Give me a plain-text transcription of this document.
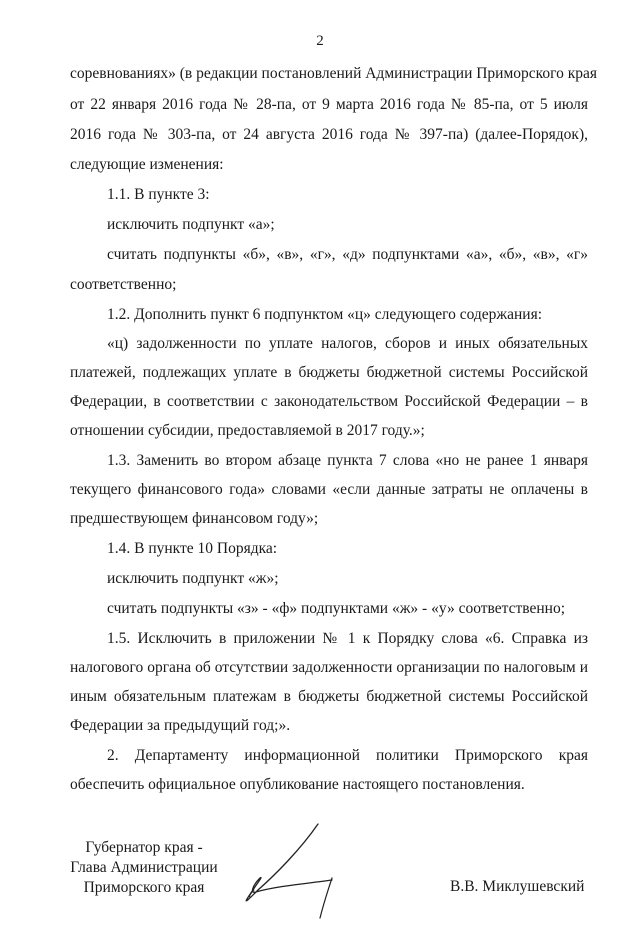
2
соревнованиях» (в редакции постановлений Администрации Приморского края
от 22 января 2016 года № 28-па, от 9 марта 2016 года № 85-па, от 5 июля
2016 года № 303-па, от 24 августа 2016 года № 397-па) (далее-Порядок),
следующие изменения:
1.1. В пункте 3:
исключить подпункт «а»;
считать подпункты «б», «в», «г», «д» подпунктами «а», «б», «в», «г»
соответственно;
1.2. Дополнить пункт 6 подпунктом «ц» следующего содержания:
«ц) задолженности по уплате налогов, сборов и иных обязательных
платежей, подлежащих уплате в бюджеты бюджетной системы Российской
Федерации, в соответствии с законодательством Российской Федерации – в
отношении субсидии, предоставляемой в 2017 году.»;
1.3. Заменить во втором абзаце пункта 7 слова «но не ранее 1 января
текущего финансового года» словами «если данные затраты не оплачены в
предшествующем финансовом году»;
1.4. В пункте 10 Порядка:
исключить подпункт «ж»;
считать подпункты «з» - «ф» подпунктами «ж» - «у» соответственно;
1.5. Исключить в приложении № 1 к Порядку слова «6. Справка из
налогового органа об отсутствии задолженности организации по налоговым и
иным обязательным платежам в бюджеты бюджетной системы Российской
Федерации за предыдущий год;».
2. Департаменту информационной политики Приморского края
обеспечить официальное опубликование настоящего постановления.
Губернатор края -
Глава Администрации
Приморского края	В.В. Миклушевский
